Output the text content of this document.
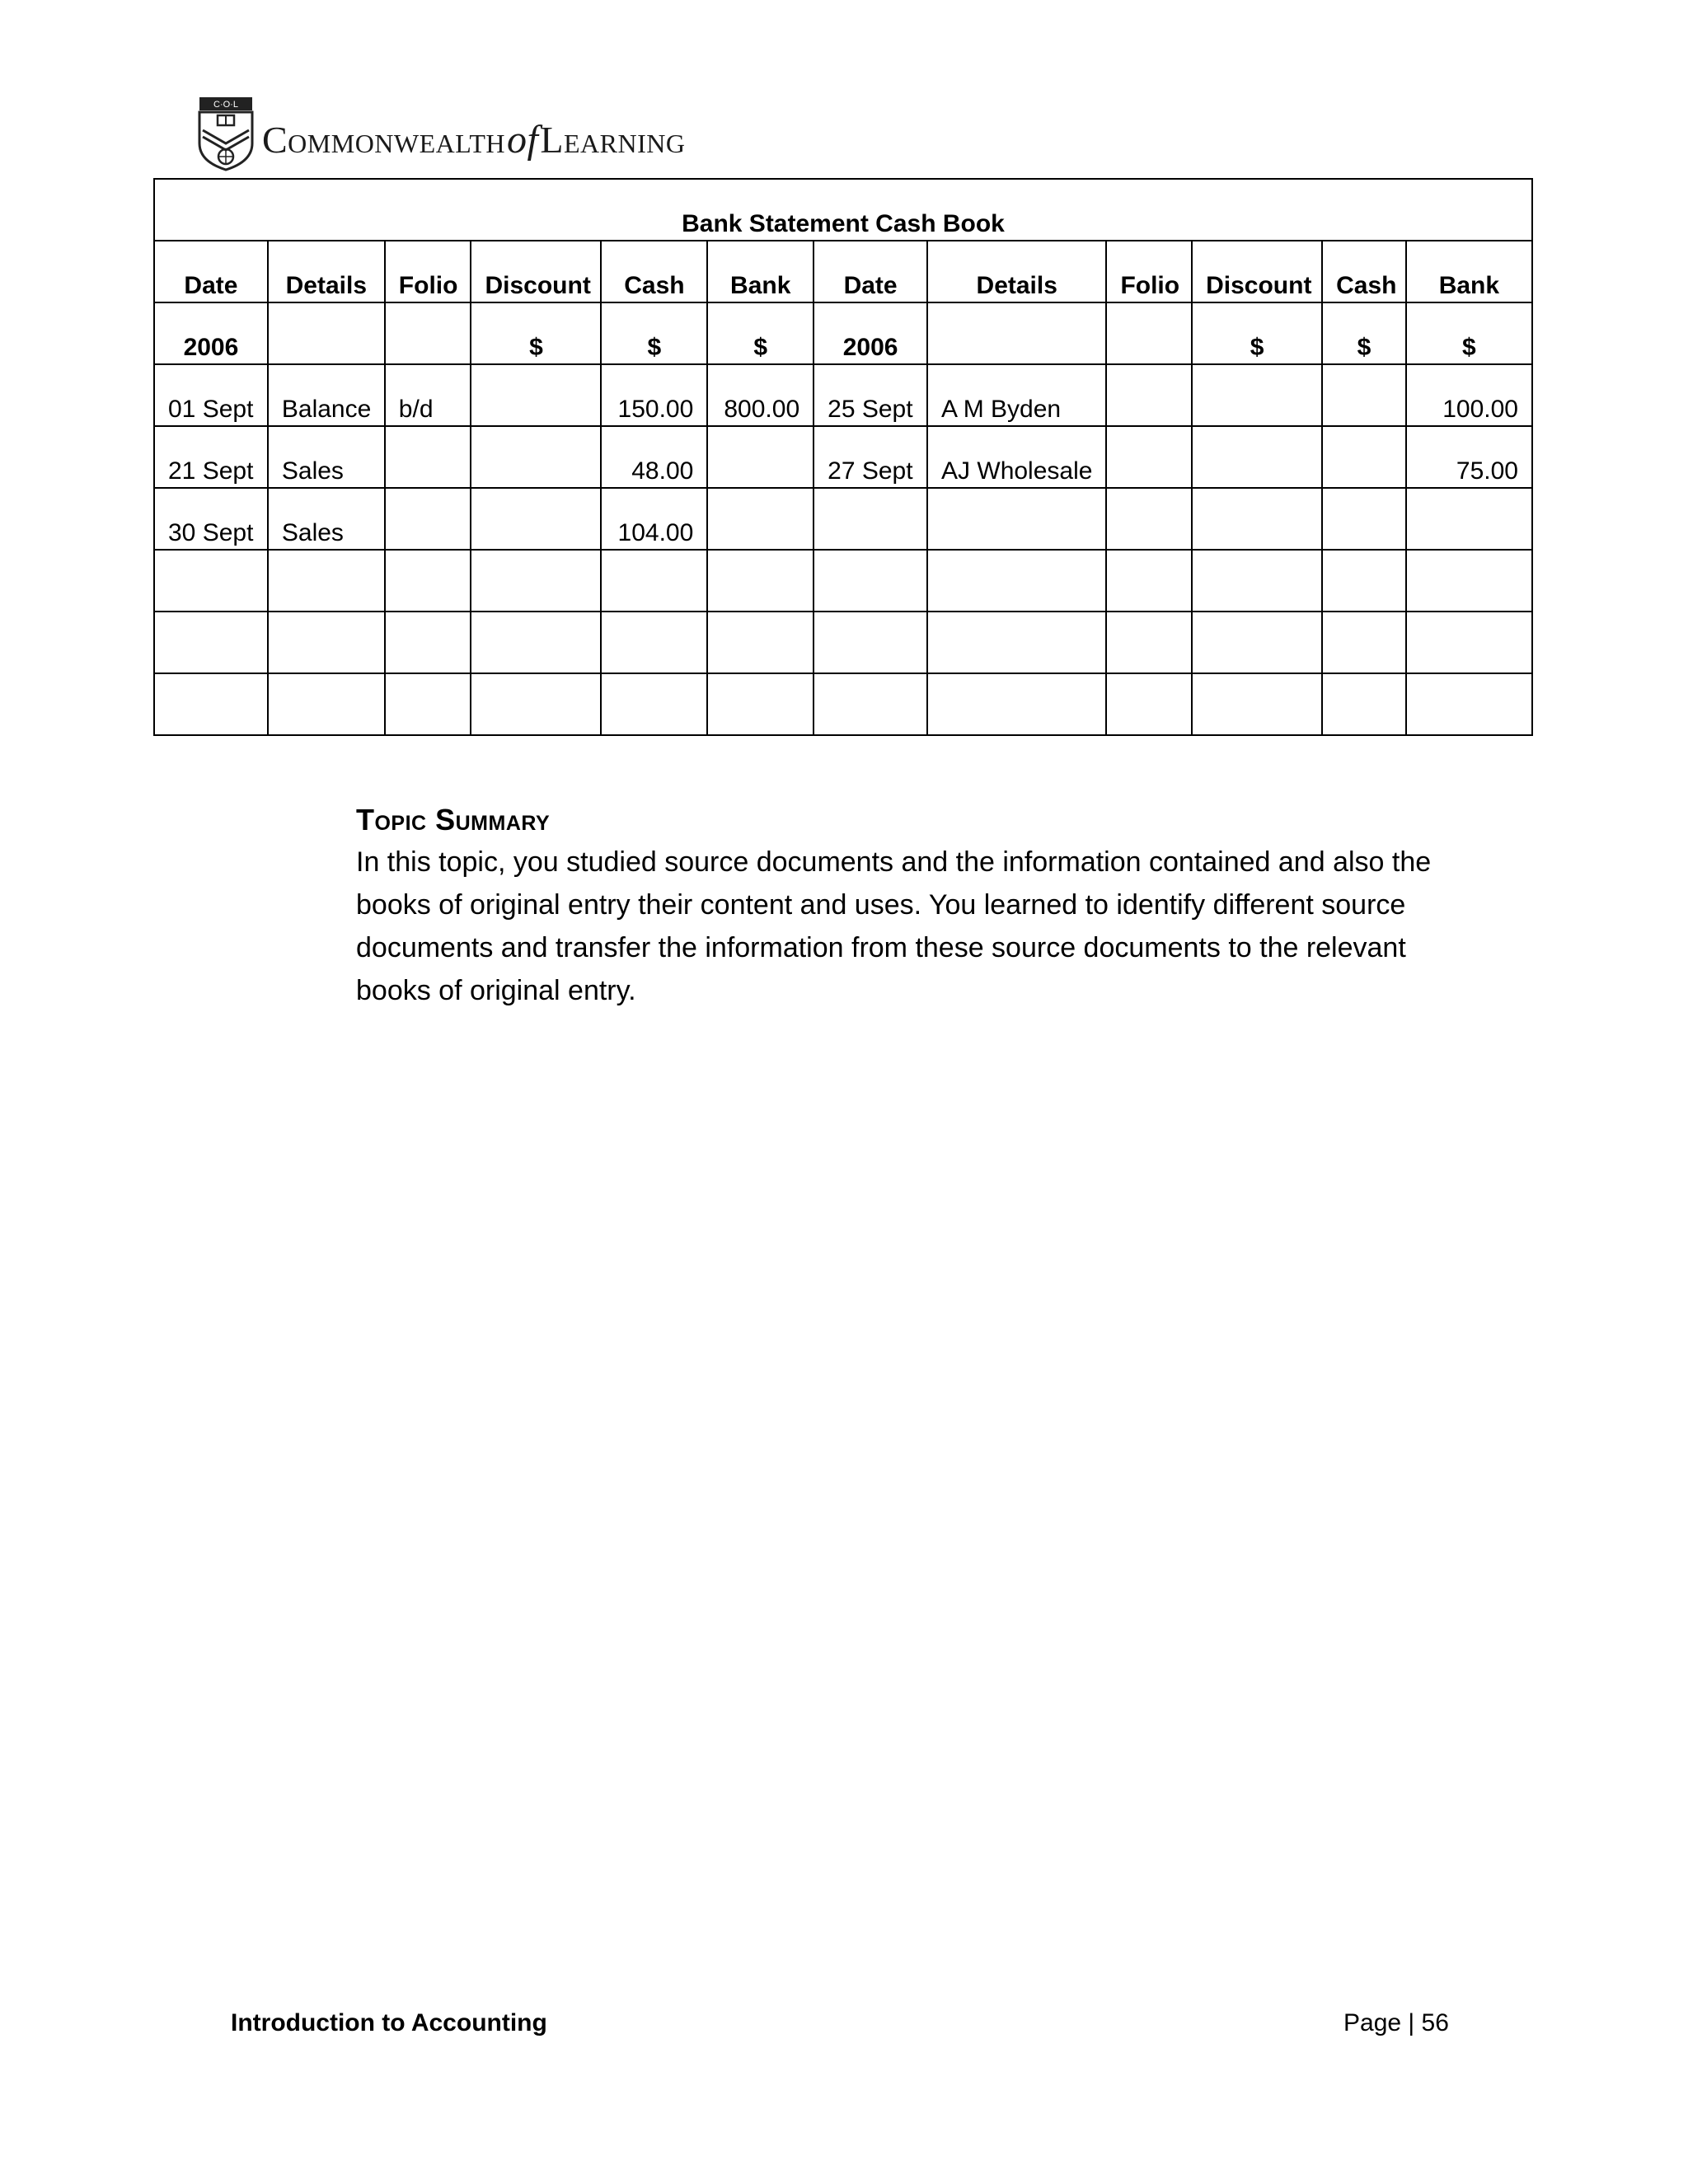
C·O·L
CommonwealthofLearning
Bank Statement Cash Book											
Date	Details	Folio	Discount	Cash	Bank	Date	Details	Folio	Discount	Cash	Bank
2006			$	$	$	2006			$	$	$
01 Sept	Balance	b/d		150.00	800.00	25 Sept	A M Byden				100.00
21 Sept	Sales			48.00		27 Sept	AJ Wholesale				75.00
30 Sept	Sales			104.00							

Topic Summary

In this topic, you studied source documents and the information contained and also the books of original entry their content and uses. You learned to identify different source documents and transfer the information from these source documents to the relevant books of original entry.

Introduction to Accounting	Page | 56
